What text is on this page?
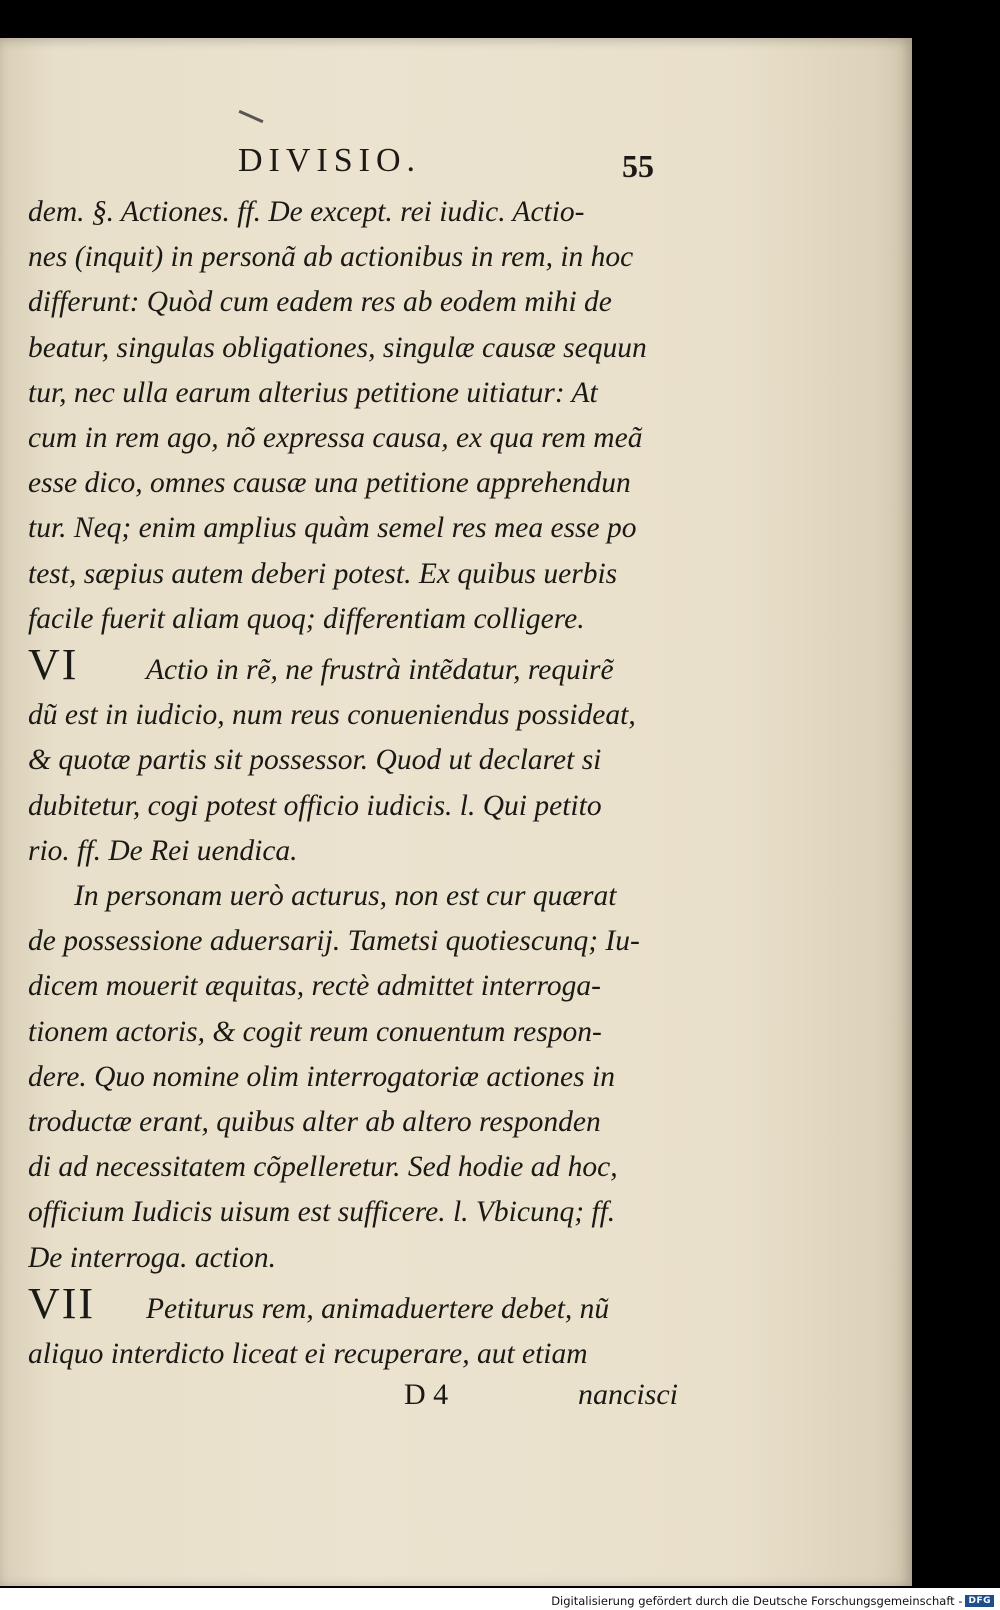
DIVISIO.	55
dem. §. Actiones. ff. De except. rei iudic. Actio-
nes (inquit) in personã ab actionibus in rem, in hoc
differunt: Quòd cum eadem res ab eodem mihi de
beatur, singulas obligationes, singulæ causæ sequun
tur, nec ulla earum alterius petitione uitiatur: At
cum in rem ago, nõ expressa causa, ex qua rem meã
esse dico, omnes causæ una petitione apprehendun
tur. Neq; enim amplius quàm semel res mea esse po
test, sæpius autem deberi potest. Ex quibus uerbis
facile fuerit aliam quoq; differentiam colligere.
VI	Actio in rẽ, ne frustrà intẽdatur, requirẽ
dũ est in iudicio, num reus conueniendus possideat,
& quotæ partis sit possessor. Quod ut declaret si
dubitetur, cogi potest officio iudicis. l. Qui petito
rio. ff. De Rei uendica.
In personam uerò acturus, non est cur quærat
de possessione aduersarij. Tametsi quotiescunq; Iu-
dicem mouerit æquitas, rectè admittet interroga-
tionem actoris, & cogit reum conuentum respon-
dere. Quo nomine olim interrogatoriæ actiones in
troductæ erant, quibus alter ab altero responden
di ad necessitatem cõpelleretur. Sed hodie ad hoc,
officium Iudicis uisum est sufficere. l. Vbicunq; ff.
De interroga. action.
VII	Petiturus rem, animaduertere debet, nũ
aliquo interdicto liceat ei recuperare, aut etiam
D 4	nancisci
Digitalisierung gefördert durch die Deutsche Forschungsgemeinschaft - DFG
